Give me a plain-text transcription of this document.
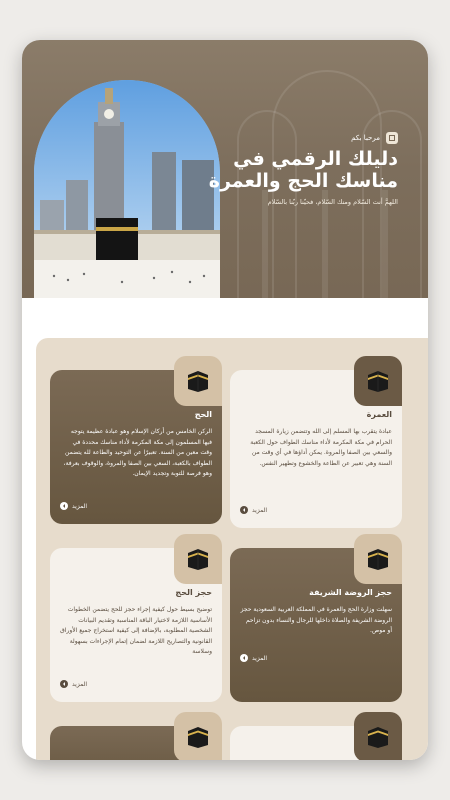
مرحبا بكم
دليلك الرقمي في مناسك الحج والعمرة
اللهمَّ أنت السّلام ومنك السّلام، فحيّنا ربّنا بالسّلام
العمرة
عبادة يتقرب بها المسلم إلى الله وتتضمن زيارة المسجد الحرام في مكة المكرمة لأداء مناسك الطواف حول الكعبة والسعي بين الصفا والمروة. يمكن أداؤها في أي وقت من السنة وهي تعبير عن الطاعة والخشوع وتطهير النفس.
المزيد
الحج
الركن الخامس من أركان الإسلام وهو عبادة عظيمة يتوجه فيها المسلمون إلى مكة المكرمة لأداء مناسك محددة في وقت معين من السنة. تعبيرًا عن التوحيد والطاعة لله يتضمن الطواف بالكعبة، السعي بين الصفا والمروة، والوقوف بعرفة، وهو فرصة للتوبة وتجديد الإيمان.
المزيد
حجز الروضة الشريفة
سهلت وزارة الحج والعمرة في المملكة العربية السعودية حجز الروضة الشريفة والصلاة داخلها للرجال والنساء بدون تزاحم أو موص.
المزيد
حجز الحج
توضيح بسيط حول كيفية إجراء حجز للحج يتضمن الخطوات الأساسية اللازمة لاختيار الباقة المناسبة وتقديم البيانات الشخصية المطلوبة، بالإضافة إلى كيفية استخراج جميع الأوراق القانونية والتصاريح اللازمة لضمان إتمام الإجراءات بسهولة وسلاسة
المزيد
